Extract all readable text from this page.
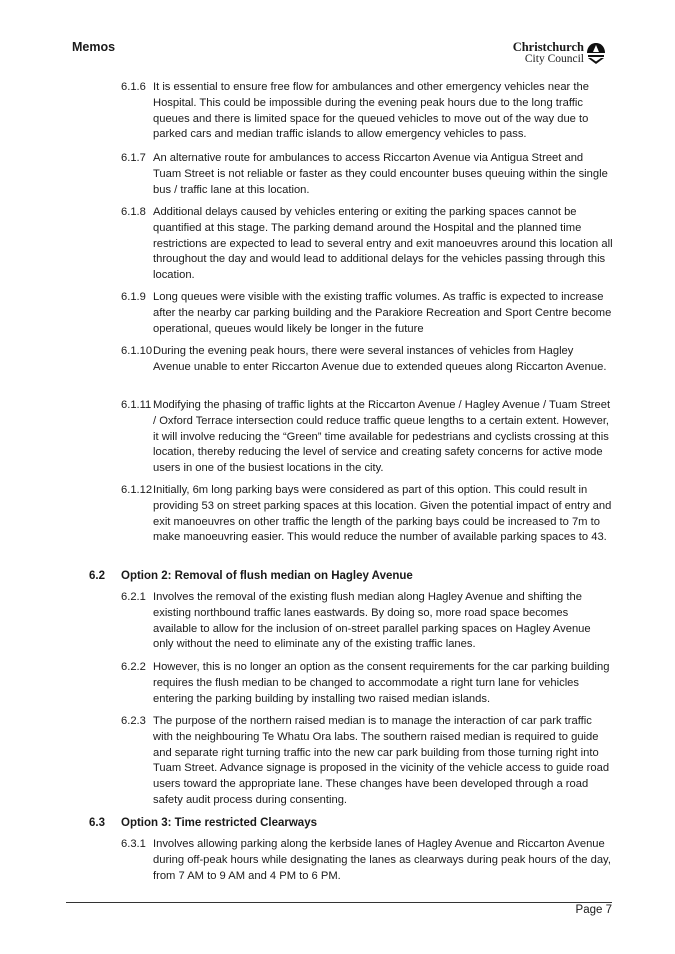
Memos	Christchurch
City Council
6.1.6 It is essential to ensure free flow for ambulances and other emergency vehicles near the Hospital. This could be impossible during the evening peak hours due to the long traffic queues and there is limited space for the queued vehicles to move out of the way due to parked cars and median traffic islands to allow emergency vehicles to pass.
6.1.7 An alternative route for ambulances to access Riccarton Avenue via Antigua Street and Tuam Street is not reliable or faster as they could encounter buses queuing within the single bus / traffic lane at this location.
6.1.8 Additional delays caused by vehicles entering or exiting the parking spaces cannot be quantified at this stage. The parking demand around the Hospital and the planned time restrictions are expected to lead to several entry and exit manoeuvres around this location all throughout the day and would lead to additional delays for the vehicles passing through this location.
6.1.9 Long queues were visible with the existing traffic volumes. As traffic is expected to increase after the nearby car parking building and the Parakiore Recreation and Sport Centre become operational, queues would likely be longer in the future
6.1.10 During the evening peak hours, there were several instances of vehicles from Hagley Avenue unable to enter Riccarton Avenue due to extended queues along Riccarton Avenue.
6.1.11 Modifying the phasing of traffic lights at the Riccarton Avenue / Hagley Avenue / Tuam Street / Oxford Terrace intersection could reduce traffic queue lengths to a certain extent. However, it will involve reducing the “Green” time available for pedestrians and cyclists crossing at this location, thereby reducing the level of service and creating safety concerns for active mode users in one of the busiest locations in the city.
6.1.12 Initially, 6m long parking bays were considered as part of this option. This could result in providing 53 on street parking spaces at this location. Given the potential impact of entry and exit manoeuvres on other traffic the length of the parking bays could be increased to 7m to make manoeuvring easier. This would reduce the number of available parking spaces to 43.
6.2 Option 2: Removal of flush median on Hagley Avenue
6.2.1 Involves the removal of the existing flush median along Hagley Avenue and shifting the existing northbound traffic lanes eastwards. By doing so, more road space becomes available to allow for the inclusion of on-street parallel parking spaces on Hagley Avenue only without the need to eliminate any of the existing traffic lanes.
6.2.2 However, this is no longer an option as the consent requirements for the car parking building requires the flush median to be changed to accommodate a right turn lane for vehicles entering the parking building by installing two raised median islands.
6.2.3 The purpose of the northern raised median is to manage the interaction of car park traffic with the neighbouring Te Whatu Ora labs. The southern raised median is required to guide and separate right turning traffic into the new car park building from those turning right into Tuam Street. Advance signage is proposed in the vicinity of the vehicle access to guide road users toward the appropriate lane. These changes have been developed through a road safety audit process during consenting.
6.3 Option 3: Time restricted Clearways
6.3.1 Involves allowing parking along the kerbside lanes of Hagley Avenue and Riccarton Avenue during off-peak hours while designating the lanes as clearways during peak hours of the day, from 7 AM to 9 AM and 4 PM to 6 PM.
Page 7
